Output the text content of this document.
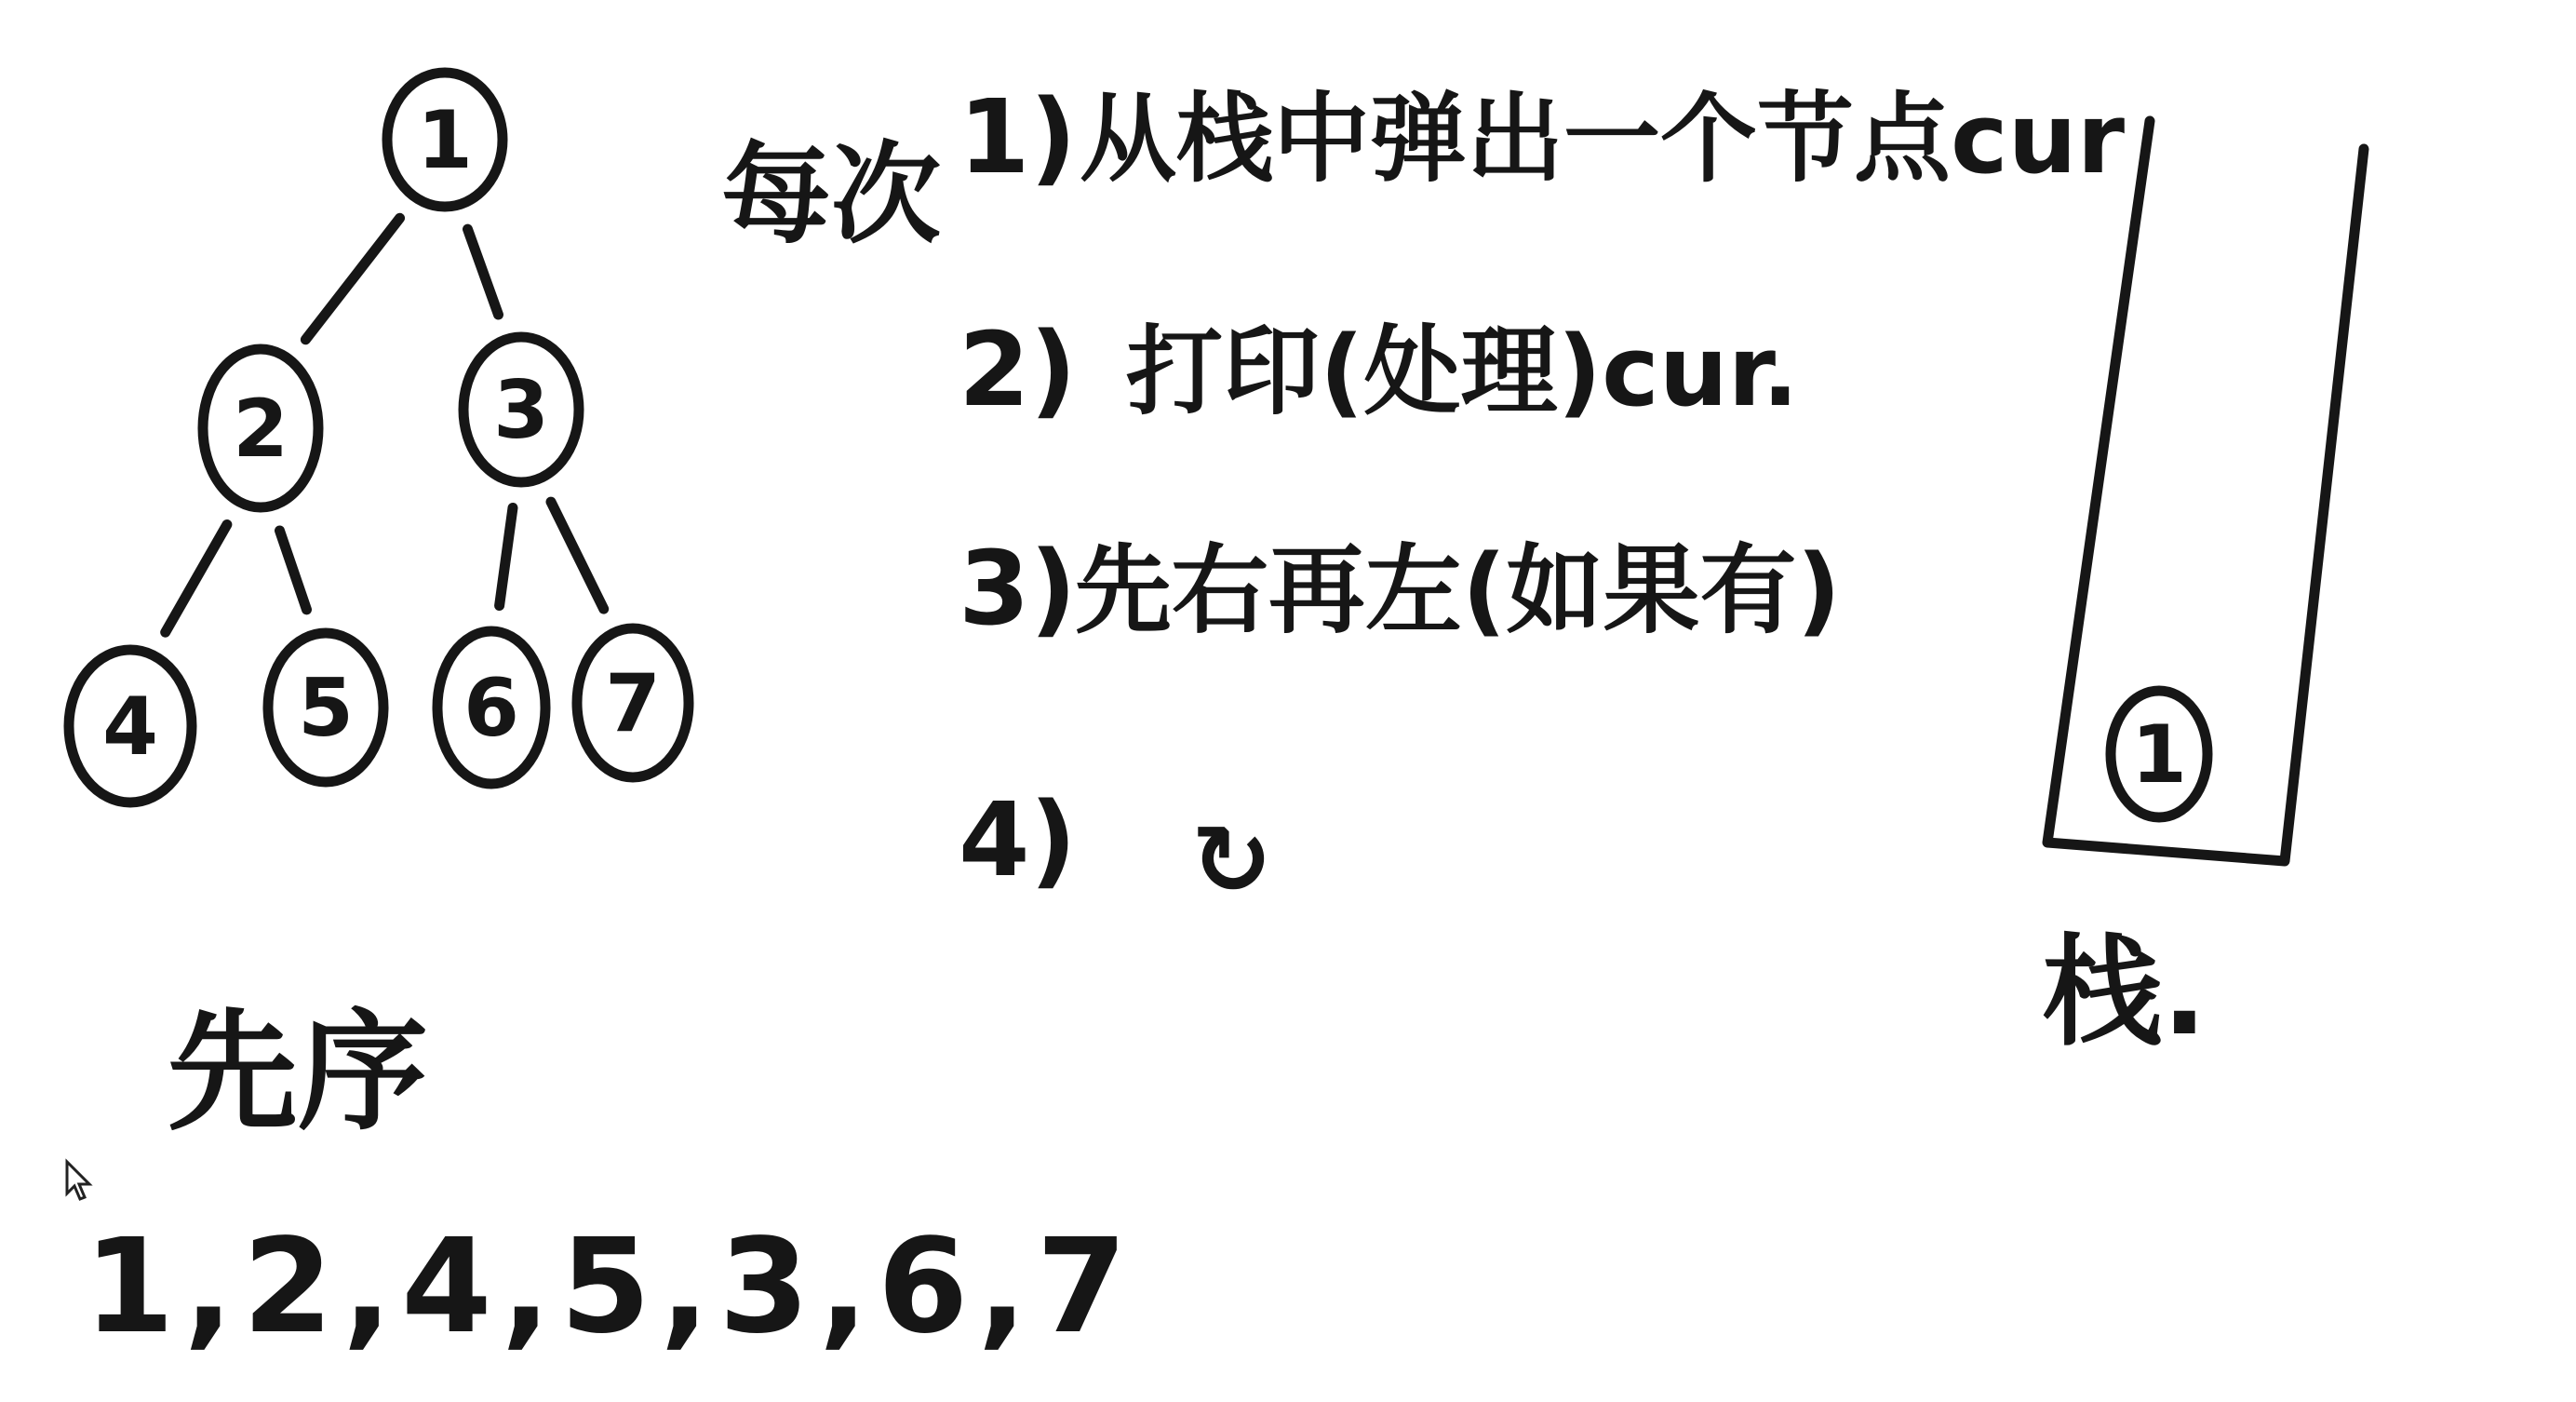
1
2	3
4 5 6 7
先序
1,2,4,5,3,6,7
每次 1) 从栈中弹出一个节点cur
2) 打印(处理)cur.
3)
先右再左(如果有)
4) ↻
1
栈.
